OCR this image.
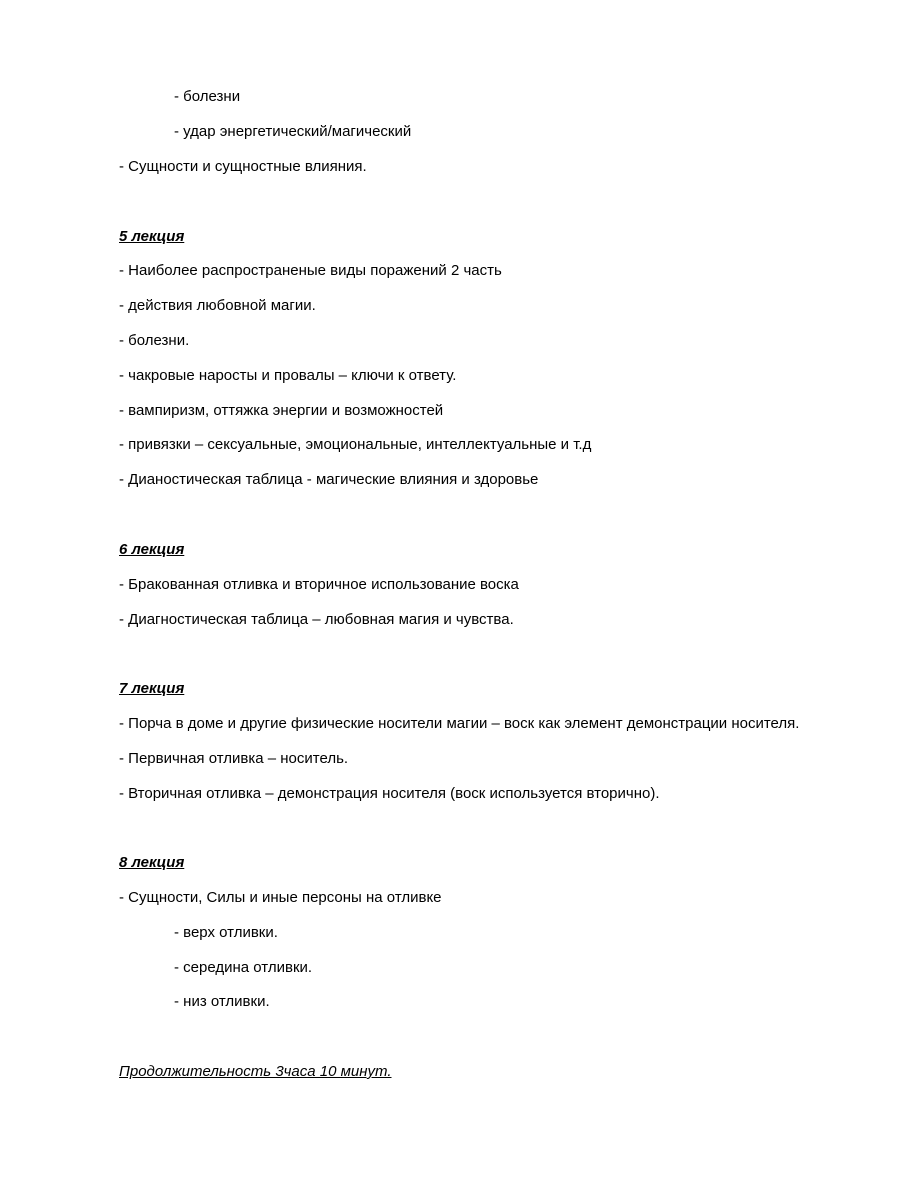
- болезни
- удар энергетический/магический
- Сущности и сущностные влияния.
5 лекция
- Наиболее распространеные виды поражений 2 часть
- действия любовной магии.
- болезни.
- чакровые наросты и провалы – ключи к ответу.
- вампиризм, оттяжка энергии и возможностей
- привязки – сексуальные, эмоциональные, интеллектуальные и т.д
- Дианостическая таблица - магические влияния и здоровье
6 лекция
- Бракованная отливка и вторичное использование воска
- Диагностическая таблица – любовная магия и чувства.
7 лекция
- Порча в доме и другие физические носители магии – воск как элемент демонстрации носителя.
- Первичная отливка – носитель.
- Вторичная отливка – демонстрация носителя (воск используется вторично).
8 лекция
- Сущности, Силы и иные персоны на отливке
- верх отливки.
- середина отливки.
- низ отливки.
Продолжительность 3часа 10 минут.
